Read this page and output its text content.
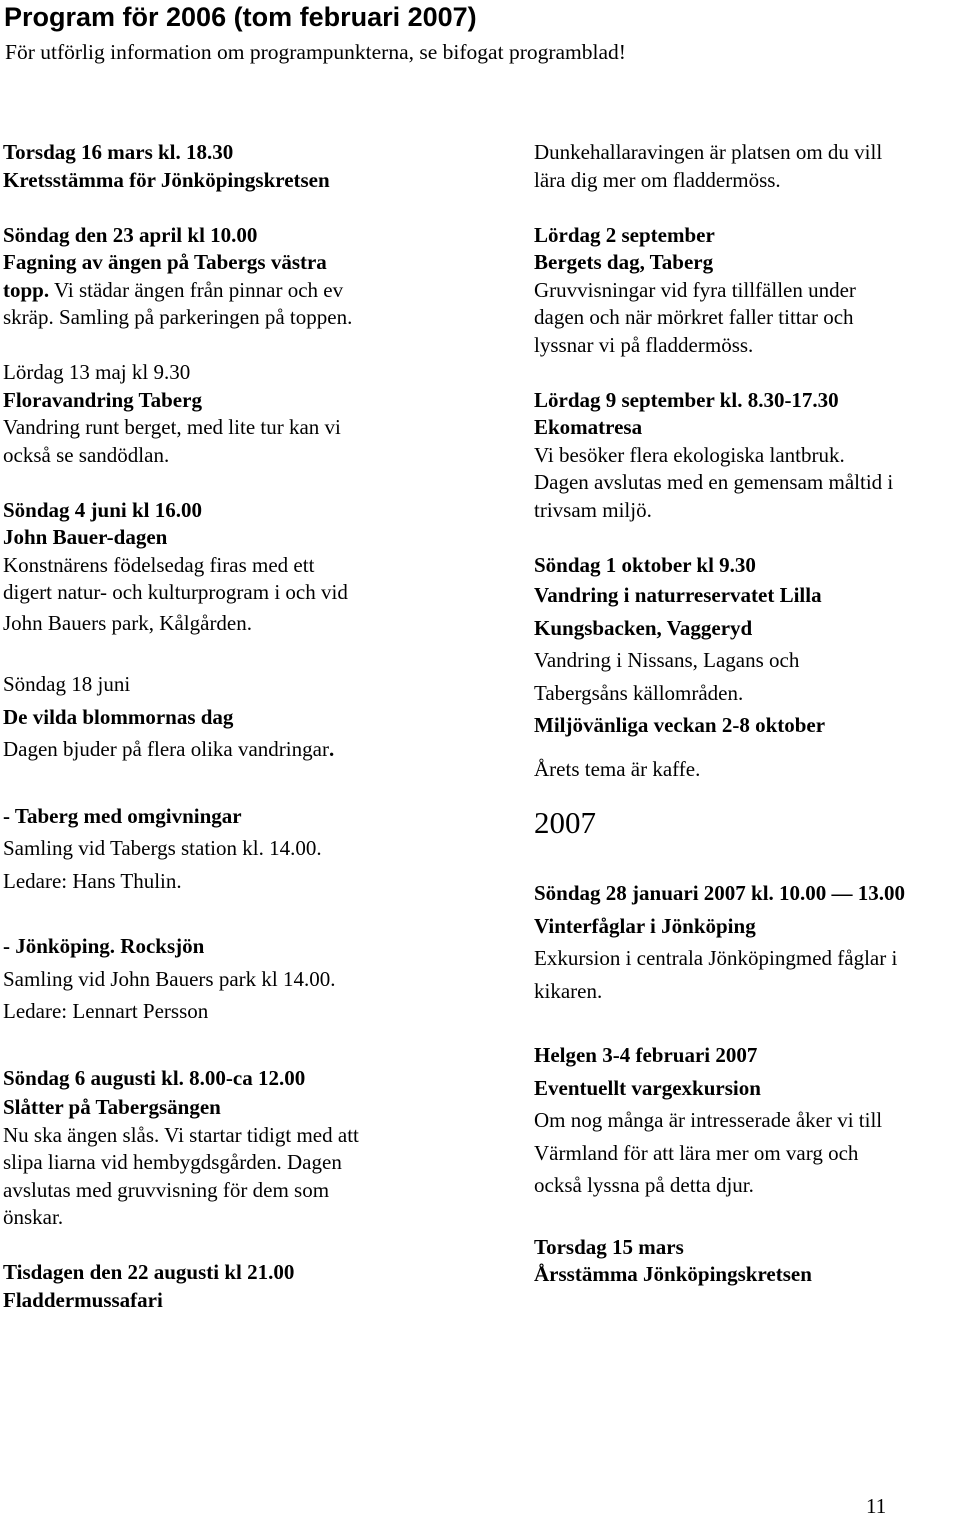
Program för 2006 (tom februari 2007)

För utförlig information om programpunkterna, se bifogat programblad!

Torsdag 16 mars kl. 18.30
Kretsstämma för Jönköpingskretsen
Söndag den 23 april kl 10.00
Fagning av ängen på Tabergs västra
topp. Vi städar ängen från pinnar och ev
skräp. Samling på parkeringen på toppen.
Lördag 13 maj kl 9.30
Floravandring Taberg
Vandring runt berget, med lite tur kan vi
också se sandödlan.
Söndag 4 juni kl 16.00
John Bauer-dagen
Konstnärens födelsedag firas med ett
digert natur- och kulturprogram i och vid
John Bauers park, Kålgården.
Söndag 18 juni
De vilda blommornas dag
Dagen bjuder på flera olika vandringar.
- Taberg med omgivningar
Samling vid Tabergs station kl. 14.00.
Ledare: Hans Thulin.
- Jönköping. Rocksjön
Samling vid John Bauers park kl 14.00.
Ledare: Lennart Persson
Söndag 6 augusti kl. 8.00-ca 12.00
Slåtter på Tabergsängen
Nu ska ängen slås. Vi startar tidigt med att
slipa liarna vid hembygdsgården. Dagen
avslutas med gruvvisning för dem som
önskar.
Tisdagen den 22 augusti kl 21.00
Fladdermussafari
Dunkehallaravingen är platsen om du vill
lära dig mer om fladdermöss.
Lördag 2 september
Bergets dag, Taberg
Gruvvisningar vid fyra tillfällen under
dagen och när mörkret faller tittar och
lyssnar vi på fladdermöss.
Lördag 9 september kl. 8.30-17.30
Ekomatresa
Vi besöker flera ekologiska lantbruk.
Dagen avslutas med en gemensam måltid i
trivsam miljö.
Söndag 1 oktober kl 9.30
Vandring i naturreservatet Lilla
Kungsbacken, Vaggeryd
Vandring i Nissans, Lagans och
Tabergsåns källområden.
Miljövänliga veckan 2-8 oktober
Årets tema är kaffe.
2007
Söndag 28 januari 2007 kl. 10.00 — 13.00
Vinterfåglar i Jönköping
Exkursion i centrala Jönköpingmed fåglar i
kikaren.
Helgen 3-4 februari 2007
Eventuellt vargexkursion
Om nog många är intresserade åker vi till
Värmland för att lära mer om varg och
också lyssna på detta djur.
Torsdag 15 mars
Årsstämma Jönköpingskretsen
11
